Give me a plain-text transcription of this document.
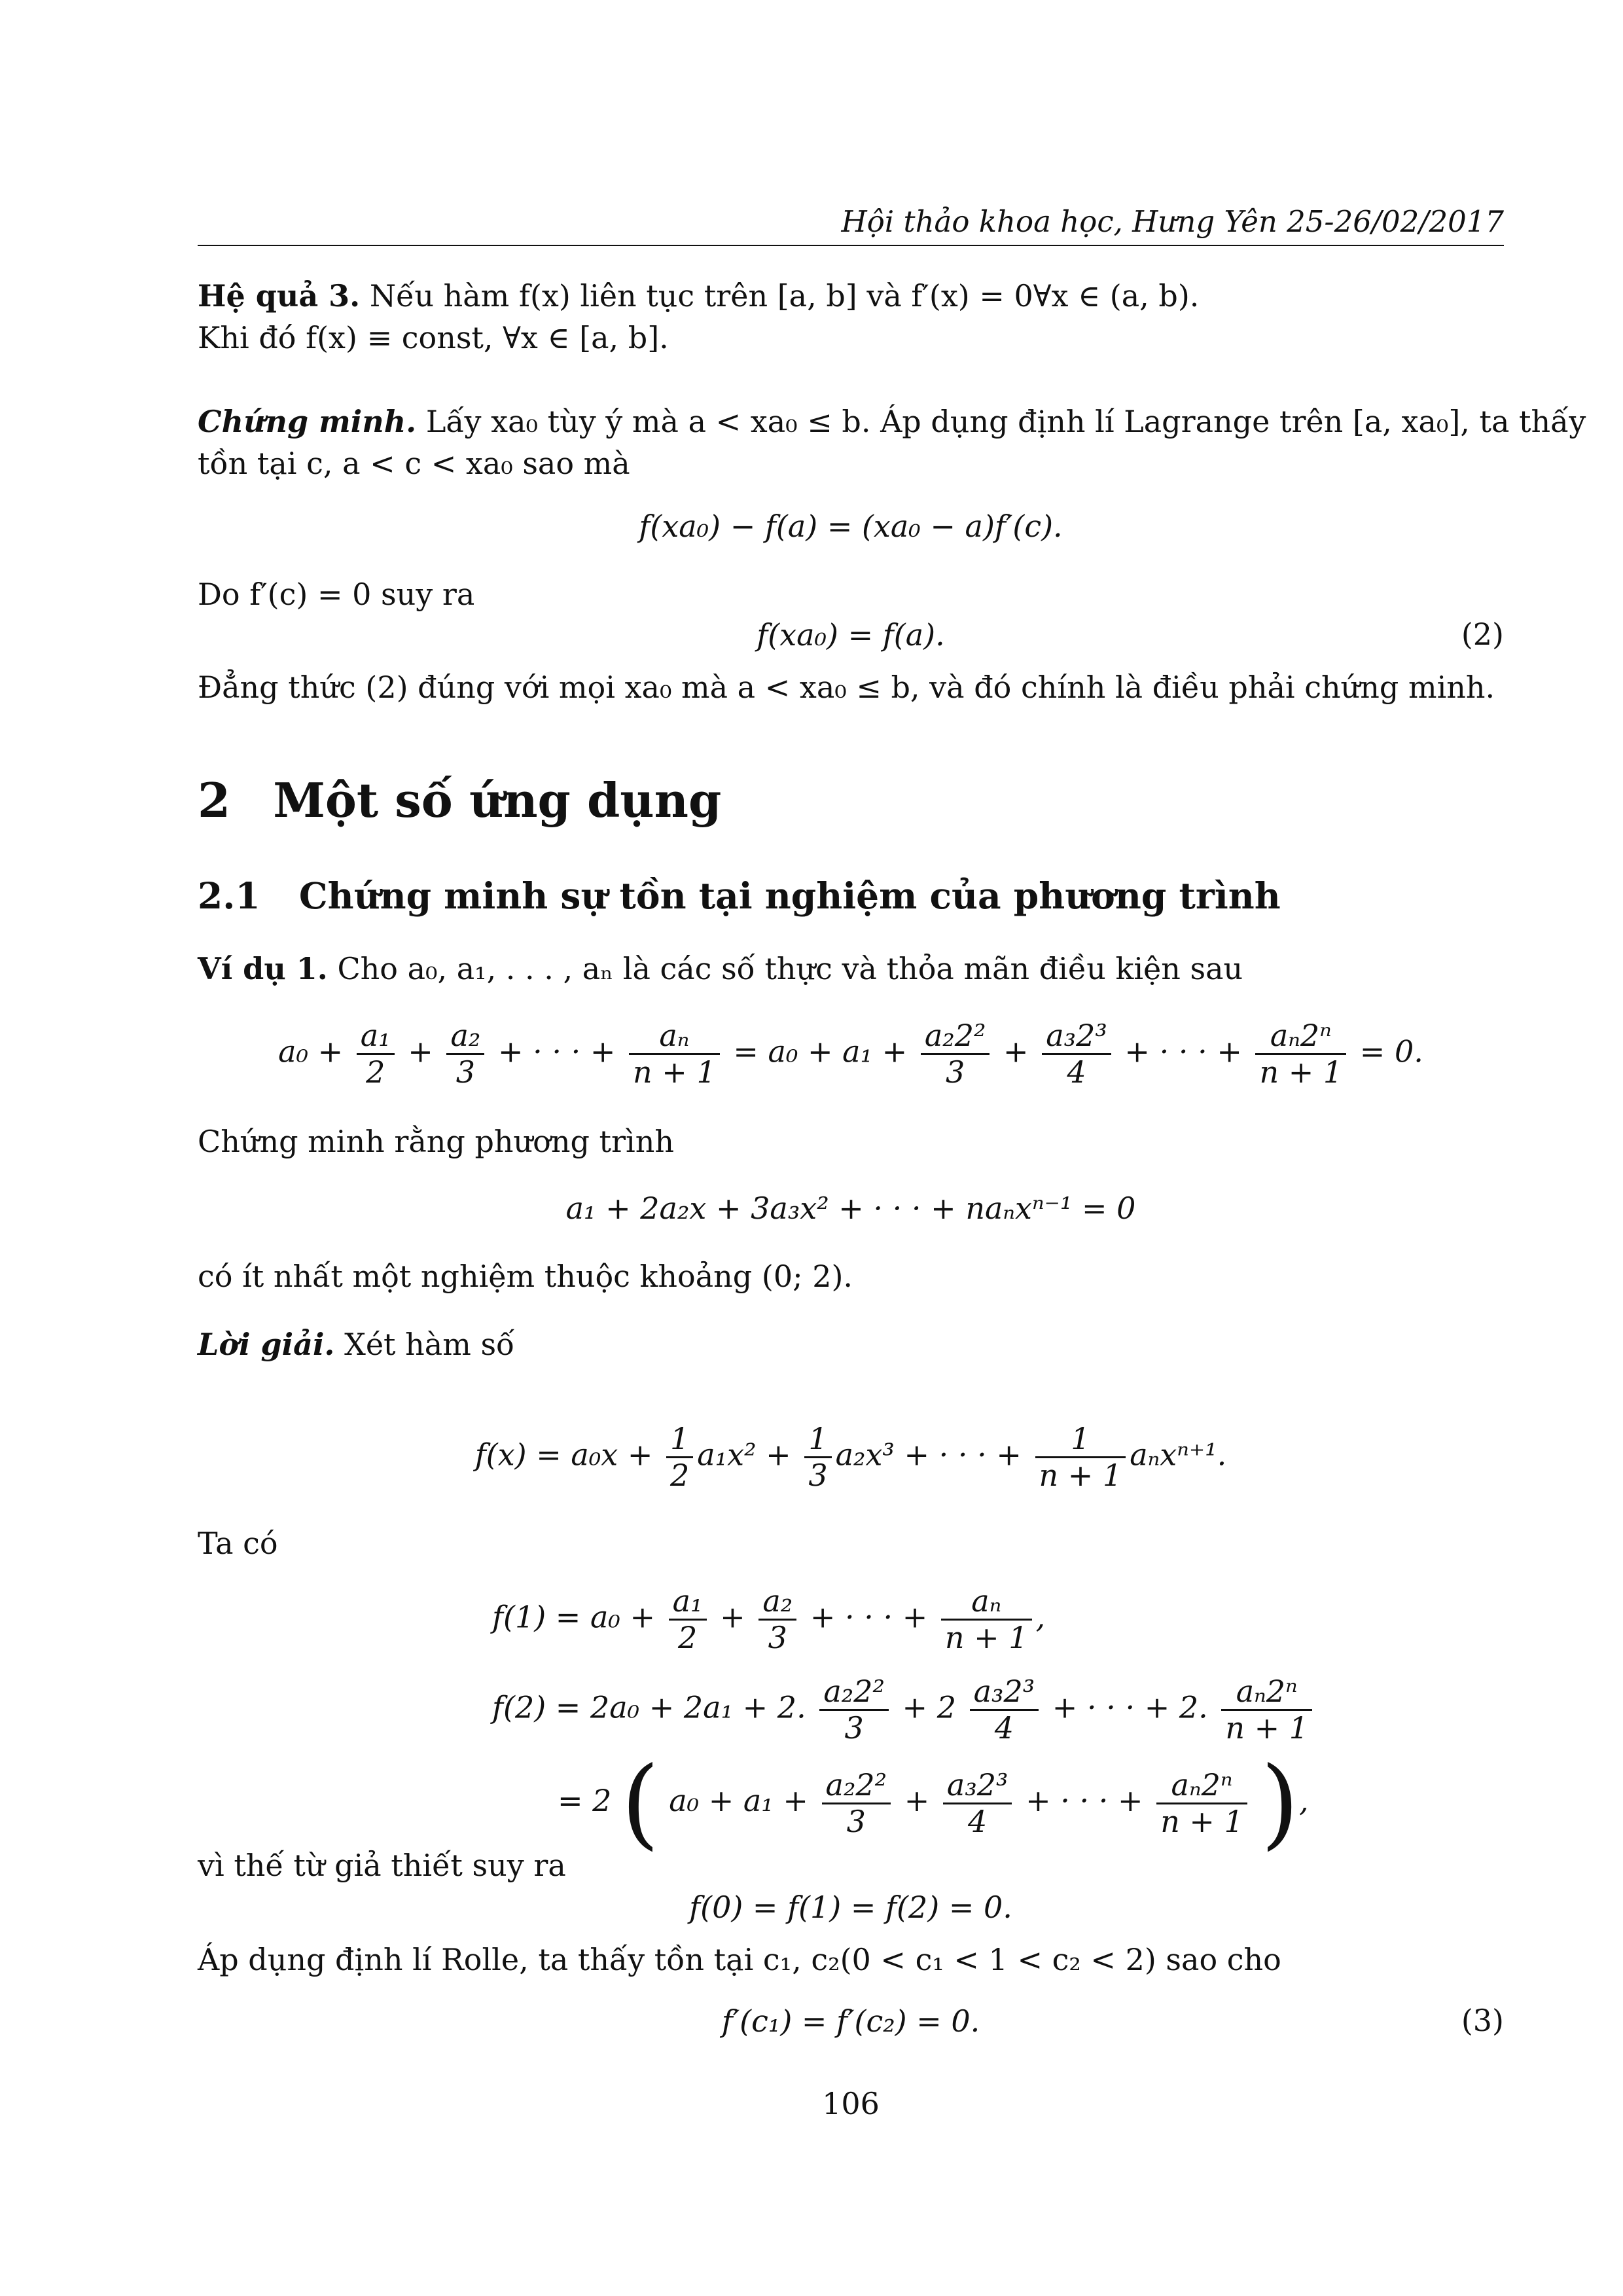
Hội thảo khoa học, Hưng Yên 25-26/02/2017
Hệ quả 3. Nếu hàm f(x) liên tục trên [a, b] và f′(x) = 0∀x ∈ (a, b).
Khi đó f(x) ≡ const, ∀x ∈ [a, b].
Chứng minh. Lấy xa₀ tùy ý mà a < xa₀ ≤ b. Áp dụng định lí Lagrange trên [a, xa₀], ta thấy
tồn tại c, a < c < xa₀ sao mà
f(xa₀) − f(a) = (xa₀ − a)f′(c).
Do f′(c) = 0 suy ra
f(xa₀) = f(a).	(2)
Đẳng thức (2) đúng với mọi xa₀ mà a < xa₀ ≤ b, và đó chính là điều phải chứng minh.
2 Một số ứng dụng
2.1 Chứng minh sự tồn tại nghiệm của phương trình
Ví dụ 1. Cho a₀, a₁, . . . , aₙ là các số thực và thỏa mãn điều kiện sau
$a_0 + \frac{\text{a₁}}{2} + \frac{\text{a₂}}{3}$ + · · · + $\frac{\text{aₙ}}{n + 1} = a_0 + a_1 + \frac{\text{a₂2²}}{3} + \frac{\text{a₃2³}}{4}$ + · · · + $\frac{\text{aₙ2ⁿ}}{n + 1} = 0$.
Chứng minh rằng phương trình
a₁ + 2a₂x + 3a₃x² + · · · + naₙxⁿ⁻¹ = 0
có ít nhất một nghiệm thuộc khoảng (0; 2).
Lời giải. Xét hàm số
$f(x) = a_0x + \frac{1}{2} a_1x^2 + \frac{1}{3} a_2x^3$ + · · · + $\frac{1}{n + 1} a_nx^{n+1}$.
Ta có
$f(1) = a_0 + \frac{\text{a₁}}{2} + \frac{\text{a₂}}{3}$ + · · · + $\frac{\text{aₙ}}{n + 1}$ ,
f(2) = 2a₀ + 2a₁ + 2. $\frac{\text{a₂2²}}{3} + 2 \frac{\text{a₃2³}}{4}$ + · · · + 2. $\frac{\text{aₙ2ⁿ}}{n + 1}$
= 2 ( $a_0 + a_1 + \frac{\text{a₂2²}}{3} + \frac{\text{a₃2³}}{4}$ + · · · + $\frac{\text{aₙ2ⁿ}}{n + 1}$ ),
vì thế từ giả thiết suy ra
f(0) = f(1) = f(2) = 0.
Áp dụng định lí Rolle, ta thấy tồn tại c₁, c₂(0 < c₁ < 1 < c₂ < 2) sao cho
f′(c₁) = f′(c₂) = 0.	(3)
106
